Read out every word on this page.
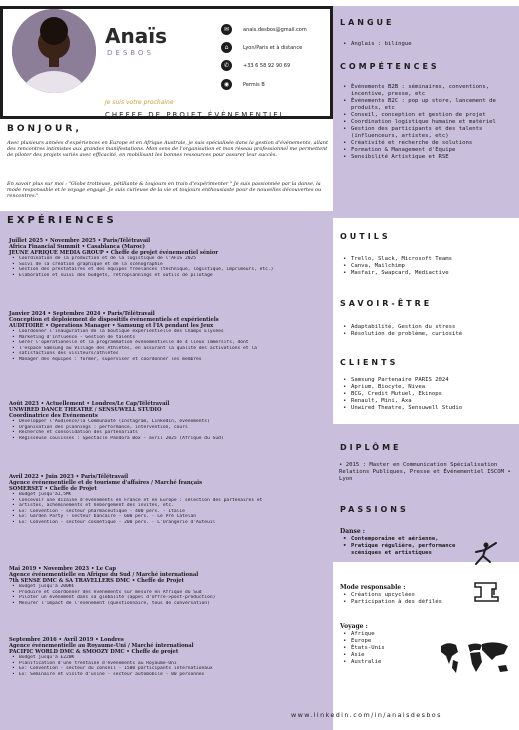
Anaïs
DESBOS
✉	anais.desbos@gmail.com
⌂	Lyon/Paris et à distance
✆	+33 6 58 92 90 69
◉	Permis B
Je suis votre prochaine
CHEFFE DE PROJET ÉVÉNEMENTIEL
BONJOUR,
Avec plusieurs années d'expériences en Europe et en Afrique Australe, je suis spécialisée dans la gestion d'événements, allant des rencontres intimistes aux grandes manifestations. Mon sens de l'organisation et mon réseau professionnel me permettent de piloter des projets variés avec efficacité, en mobilisant les bonnes ressources pour assurer leur succès.
En savoir plus sur moi : "Globe trotteuse, pétillante & toujours en train d'expérimenter " Je suis passionnée par la danse, la mode responsable et le voyage engagé. Je suis curieuse de la vie et toujours enthousiaste pour de nouvelles découvertes ou rencontres."
EXPÉRIENCES
Juillet 2025 • Novembre 2025 • Paris/Télétravail
Africa Financial Summit • Casablanca (Maroc)
JEUNE AFRIQUE MEDIA GROUP • Cheffe de projet événementiel sénior
• Coordination de la production et de la logistique de l'AFIS 2025
• Suivi de la création graphique et de la scénographie
• Gestion des prestataires et des équipes freelances (technique, logistique, imprimeurs, etc.)
• Élaboration et suivi des budgets, rétroplannings et outils de pilotage
Janvier 2024 • Septembre 2024 • Paris/Télétravail
Conception et déploiement de dispositifs événementiels et expérientiels
AUDITOIRE • Operations Manager • Samsung et l'IA pendant les Jeux
• Coordonner l'inauguration de la boutique expérientielle des Champs Elysées
• Marketing d'influence - Gestion de talents
• Gérer l'opérationelle et la programmation événementielle de 4 lieux immersifs, dont
• l'espace Samsung au Village des Athlètes, en assurant la qualité des activations et la
• satisfactions des visiteurs/athlètes
• Manager des équipes : former, superviser et coordonner les membres
Août 2023 • Actuellement • Londres/Le Cap/Télétravail
UNWIRED DANCE THEATRE / SENSUWELL STUDIO
Coordinatrice des Evénements
• Développer l'Audience/la Communauté (Instagram, Linkedin, événements)
• Organisation des plannings : performance, intervention, cours
• Recherche et consolidation des partenariats
• Régisseuse coulisses : Spectacle Pandora Box - avril 2025 (Afrique du Sud)
Avril 2022 • Juin 2023 • Paris/Télétravail
Agence événementielle et de tourisme d'affaires / Marché français
SOMERSET • Cheffe de Projet
• Budget jusqu'à1,5M€
• Concevoir une dizaine d'événements en France et en Europe : sélection des partenaires et
• artistes, acheminements et hébergement des invités, etc.
• Ex: Convention - secteur pharmaceutique - 400 pers. - Italie
• Ex: Garden Party - secteur bancaire - 600 pers. - Le Pré Catelan
• Ex: Convention - secteur cosmétique - 200 pers. - L'Orangerie d'Auteuil
Mai 2019 • Novembre 2023 • Le Cap
Agence événementielle en Afrique du Sud / Marché international
7th SENSE DMC & SA TRAVELLERS DMC • Cheffe de Projet
• Budget jusqu'à 200K€
• Produire et coordonner des événements sur mesure en Afrique du Sud
• Piloter un événement dans sa globalité (appel d'offre->post-production)
• Mesurer l'impact de l'événement (questionnaire, tous de conversation)
Septembre 2016 • Avril 2019 • Londres
Agence événementielle au Royaume-Uni / Marché international
PACIFIC WORLD DMC & SMOOZY DMC • Cheffe de projet
• Budget jusqu'à £220K
• Planification d'une trentaine d'événements au Royaume-Uni
• Ex: Convention - secteur du conseil - 1500 participants internationaux
• Ex: Séminaire et visite d'usine - secteur automobile - 80 personnes
LANGUE
• Anglais : bilingue
COMPÉTENCES
• Événements B2B : séminaires, conventions, incentive, presse, etc
• Événements B2C : pop up store, lancement de produits, etc
• Conseil, conception et gestion de projet
• Coordination logistique humaine et matériel
• Gestion des participants et des talents (influenceurs, artistes, etc)
• Créativité et recherche de solutions
• Formation & Management d'Equipe
• Sensibilité Artistique et RSE
OUTILS
• Trello, Slack, Microsoft Teams
• Canva, Mailchimp
• Masfair, Swapcard, Mediactive
SAVOIR-ÊTRE
• Adaptabilité, Gestion du stress
• Résolution de problème, curiosité
CLIENTS
• Samsung Partenaire PARIS 2024
• Aprium, Biocyte, Nivea
• BCG, Credit Mutuel, Ekinops
• Renault, Mini, Axa
• Unwired Theatre, Sensuwell Studio
DIPLÔME
• 2015 : Master en Communication Spécialisation Relations Publiques, Presse et Événementiel ISCOM • Lyon
PASSIONS
Danse :
• Contemporaine et aérienne,
• Pratique régulière, performance scéniques et artistiques
Mode responsable :
• Créations upcyclées
• Participation à des défilés
Voyage :
• Afrique
• Europe
• États-Unis
• Asie
• Australie
www.linkedin.com/in/anaisdesbos
